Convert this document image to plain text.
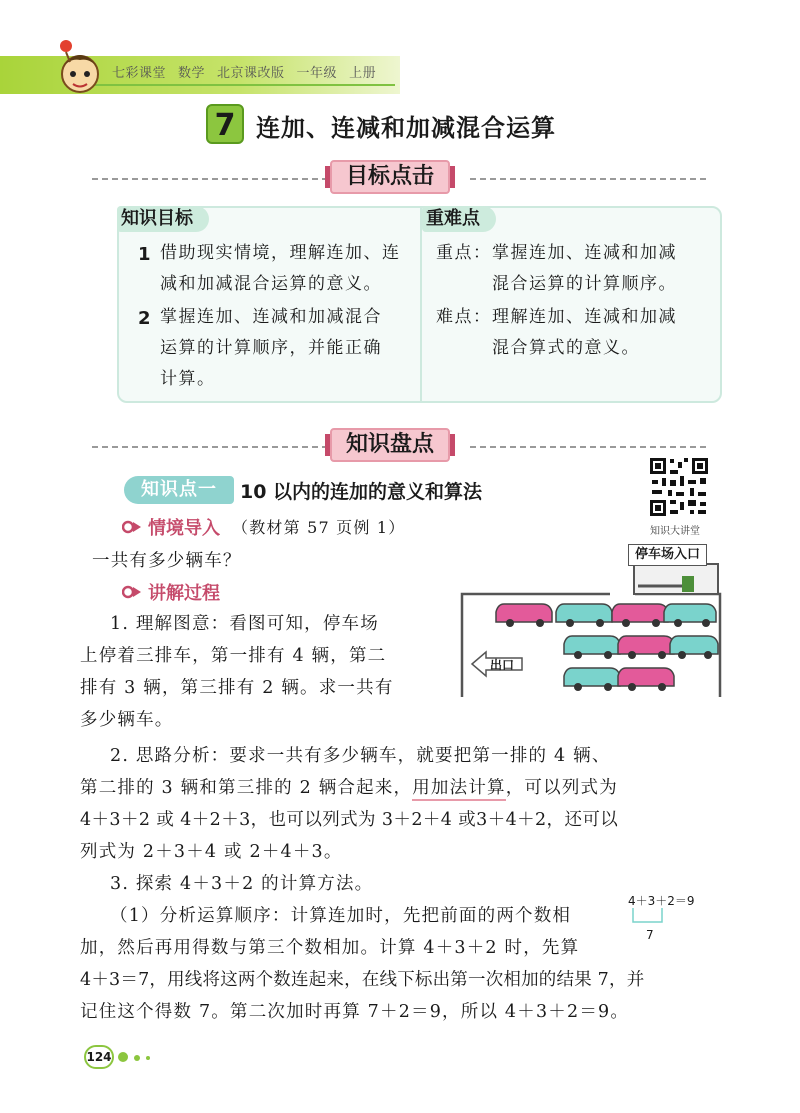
七彩课堂 数学 北京课改版 一年级 上册
7 连加、连减和加减混合运算
目标点击
知识目标	重难点
1 借助现实情境，理解连加、连
减和加减混合运算的意义。
2 掌握连加、连减和加减混合
运算的计算顺序，并能正确
计算。
重点： 掌握连加、连减和加减
混合运算的计算顺序。
难点： 理解连加、连减和加减
混合算式的意义。
知识盘点
知识点一	10 以内的连加的意义和算法
知识大讲堂
情境导入 （教材第 57 页例 1）
一共有多少辆车？
讲解过程
1. 理解图意：看图可知，停车场
上停着三排车，第一排有 4 辆，第二
排有 3 辆，第三排有 2 辆。求一共有
多少辆车。
停车场入口
出口
2. 思路分析：要求一共有多少辆车，就要把第一排的 4 辆、
第二排的 3 辆和第三排的 2 辆合起来，用加法计算，可以列式为
4＋3＋2 或 4＋2＋3，也可以列式为 3＋2＋4 或3＋4＋2，还可以
列式为 2＋3＋4 或 2＋4＋3。
3. 探索 4＋3＋2 的计算方法。
（1）分析运算顺序：计算连加时，先把前面的两个数相
加，然后再用得数与第三个数相加。计算 4＋3＋2 时，先算
4＋3＝7，用线将这两个数连起来，在线下标出第一次相加的结果 7，并
记住这个得数 7。第二次加时再算 7＋2＝9，所以 4＋3＋2＝9。
4＋3＋2＝9
7
124
